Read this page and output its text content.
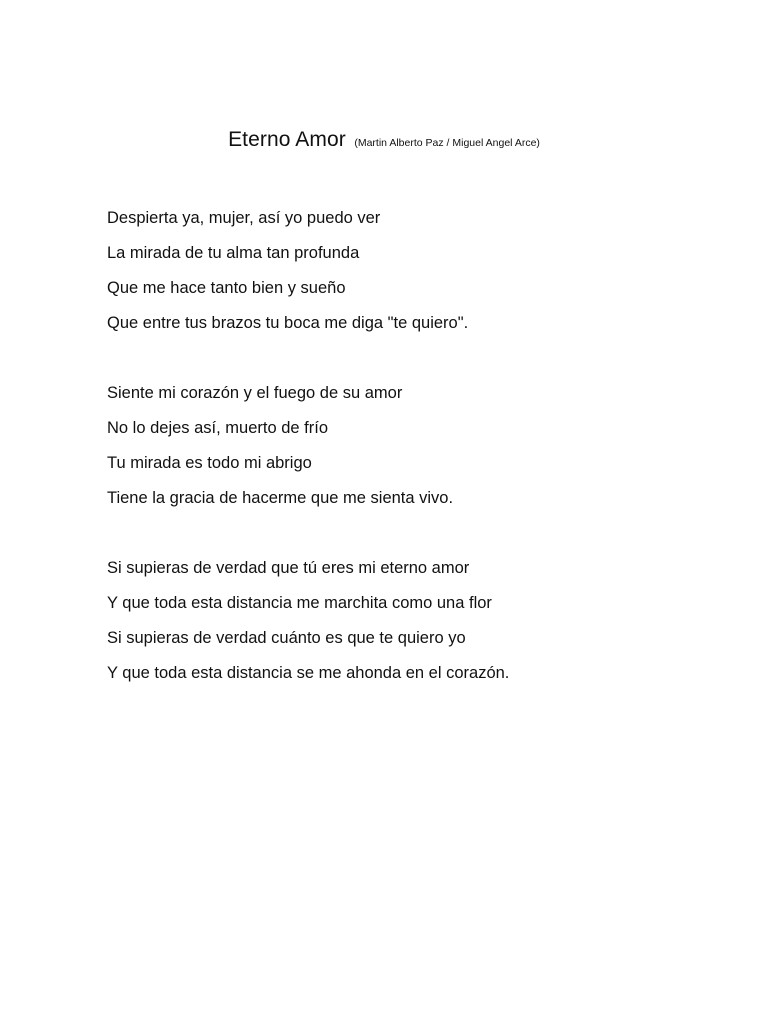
Eterno Amor (Martin Alberto Paz / Miguel Angel Arce)
Despierta ya, mujer, así yo puedo ver
La mirada de tu alma tan profunda
Que me hace tanto bien y sueño
Que entre tus brazos tu boca me diga "te quiero".
Siente mi corazón y el fuego de su amor
No lo dejes así, muerto de frío
Tu mirada es todo mi abrigo
Tiene la gracia de hacerme que me sienta vivo.
Si supieras de verdad que tú eres mi eterno amor
Y que toda esta distancia me marchita como una flor
Si supieras de verdad cuánto es que te quiero yo
Y que toda esta distancia se me ahonda en el corazón.
